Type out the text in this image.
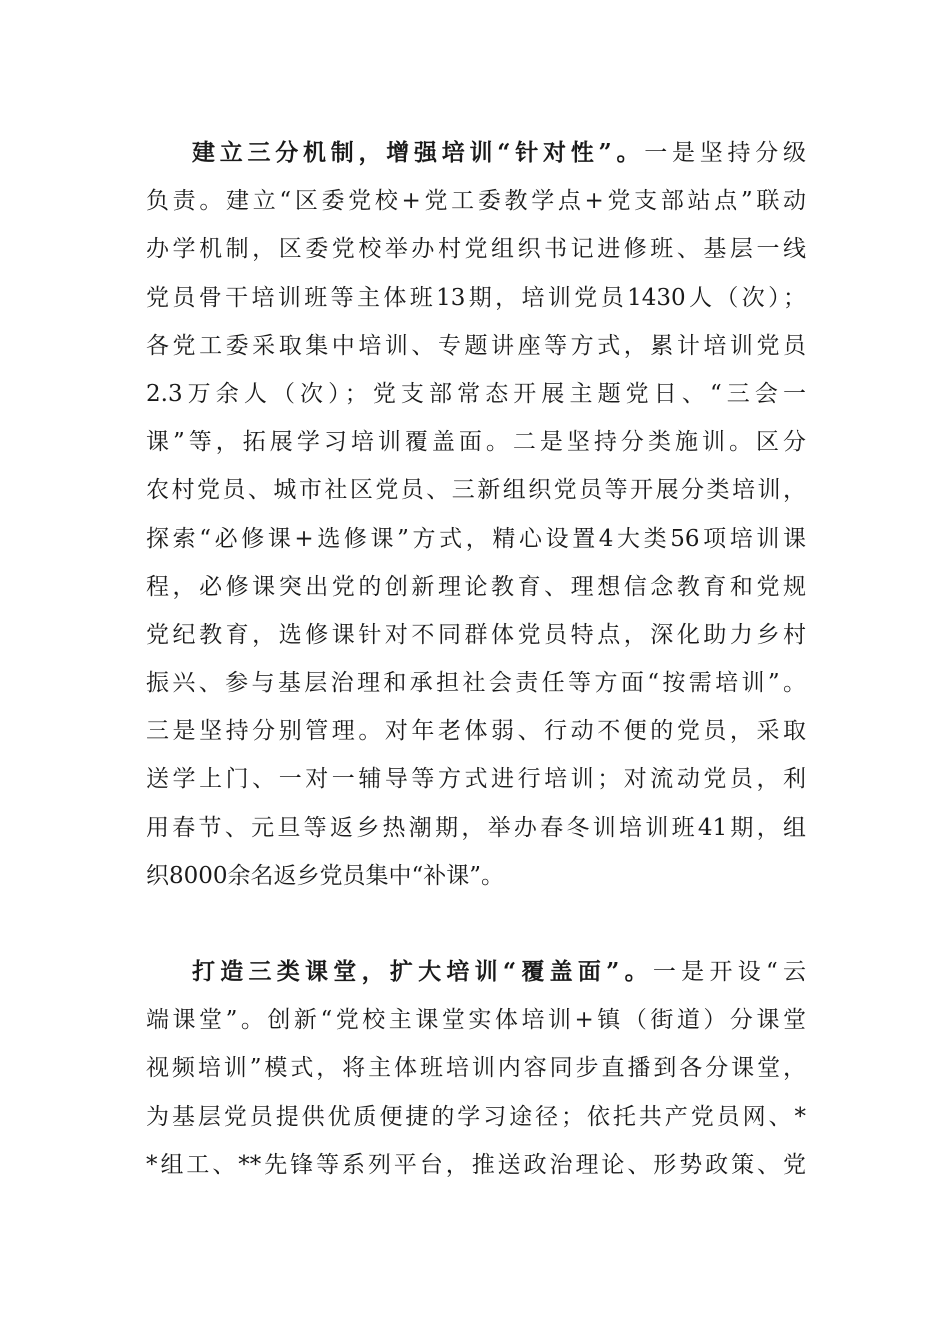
建立三分机制，增强培训“针对性”。一是坚持分级
负责。建立“区委党校+党工委教学点+党支部站点”联动
办学机制，区委党校举办村党组织书记进修班、基层一线
党员骨干培训班等主体班13期，培训党员1430人（次）；
各党工委采取集中培训、专题讲座等方式，累计培训党员
2.3万余人（次）；党支部常态开展主题党日、“三会一
课”等，拓展学习培训覆盖面。二是坚持分类施训。区分
农村党员、城市社区党员、三新组织党员等开展分类培训，
探索“必修课+选修课”方式，精心设置4大类56项培训课
程，必修课突出党的创新理论教育、理想信念教育和党规
党纪教育，选修课针对不同群体党员特点，深化助力乡村
振兴、参与基层治理和承担社会责任等方面“按需培训”。
三是坚持分别管理。对年老体弱、行动不便的党员，采取
送学上门、一对一辅导等方式进行培训；对流动党员，利
用春节、元旦等返乡热潮期，举办春冬训培训班41期，组
织8000余名返乡党员集中“补课”。
打造三类课堂，扩大培训“覆盖面”。一是开设“云
端课堂”。创新“党校主课堂实体培训+镇（街道）分课堂
视频培训”模式，将主体班培训内容同步直播到各分课堂，
为基层党员提供优质便捷的学习途径；依托共产党员网、*
*组工、**先锋等系列平台，推送政治理论、形势政策、党
